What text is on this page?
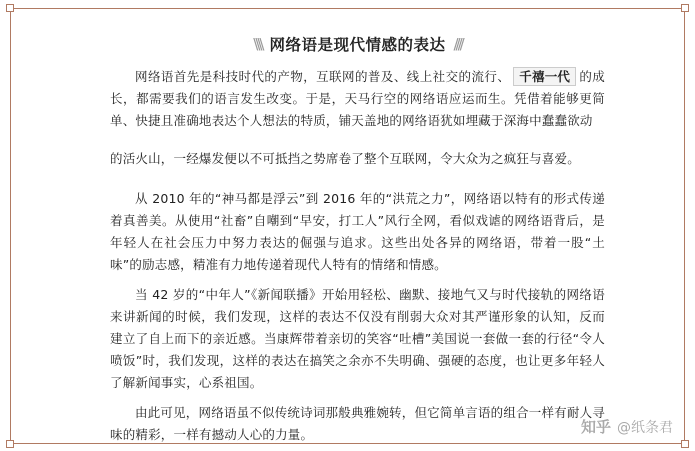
\\\\ 网络语是现代情感的表达 ////

网络语首先是科技时代的产物，互联网的普及、线上社交的流行、 千禧一代 的成长，都需要我们的语言发生改变。于是，天马行空的网络语应运而生。凭借着能够更简单、快捷且准确地表达个人想法的特质，铺天盖地的网络语犹如埋藏于深海中蠢蠢欲动

的活火山，一经爆发便以不可抵挡之势席卷了整个互联网，令大众为之疯狂与喜爱。

从 2010 年的“神马都是浮云”到 2016 年的“洪荒之力”，网络语以特有的形式传递着真善美。从使用“社畜”自嘲到“早安，打工人”风行全网，看似戏谑的网络语背后，是年轻人在社会压力中努力表达的倔强与追求。这些出处各异的网络语，带着一股“土味”的励志感，精准有力地传递着现代人特有的情绪和情感。

当 42 岁的“中年人”《新闻联播》开始用轻松、幽默、接地气又与时代接轨的网络语来讲新闻的时候，我们发现，这样的表达不仅没有削弱大众对其严谨形象的认知，反而建立了自上而下的亲近感。当康辉带着亲切的笑容“吐槽”美国说一套做一套的行径“令人喷饭”时，我们发现，这样的表达在搞笑之余亦不失明确、强硬的态度，也让更多年轻人了解新闻事实，心系祖国。

由此可见，网络语虽不似传统诗词那般典雅婉转，但它简单言语的组合一样有耐人寻味的精彩，一样有撼动人心的力量。	知乎 @纸条君
